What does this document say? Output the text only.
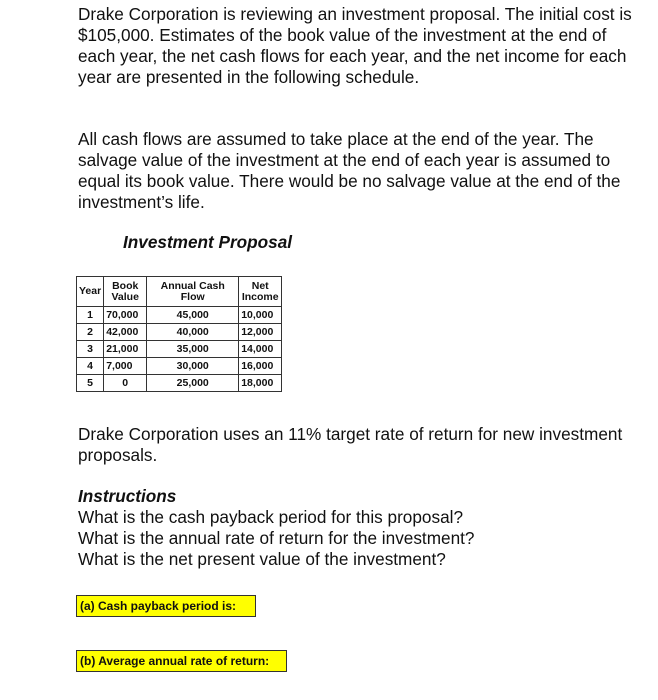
Drake Corporation is reviewing an investment proposal. The initial cost is $105,000. Estimates of the book value of the investment at the end of each year, the net cash flows for each year, and the net income for each year are presented in the following schedule.

All cash flows are assumed to take place at the end of the year. The salvage value of the investment at the end of each year is assumed to equal its book value. There would be no salvage value at the end of the investment’s life.

Investment Proposal

Year	Book Value	Annual Cash Flow	Net Income
1	70,000	45,000	10,000
2	42,000	40,000	12,000
3	21,000	35,000	14,000
4	7,000	30,000	16,000
5	0	25,000	18,000

Drake Corporation uses an 11% target rate of return for new investment proposals.

Instructions

What is the cash payback period for this proposal?
What is the annual rate of return for the investment?
What is the net present value of the investment?
(a) Cash payback period is:
(b) Average annual rate of return:
